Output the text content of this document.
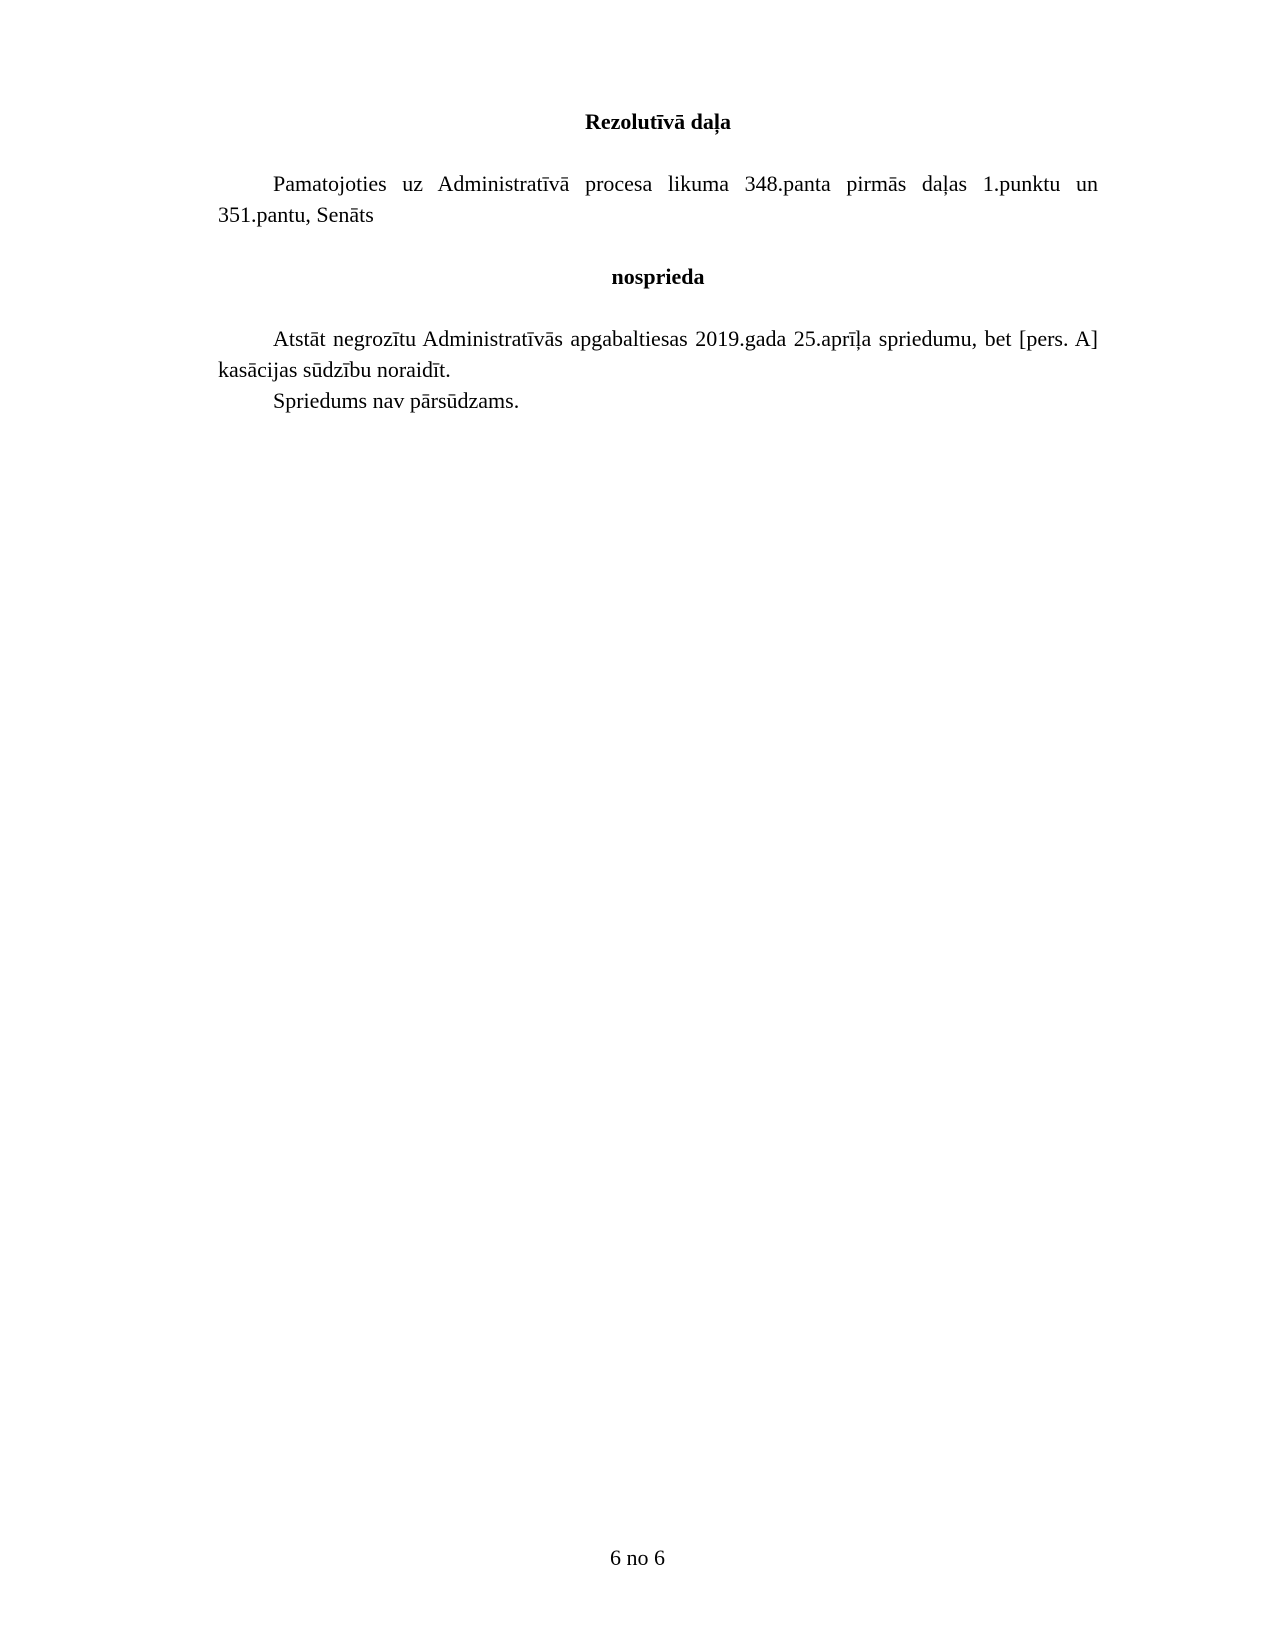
Rezolutīvā daļa

Pamatojoties uz Administratīvā procesa likuma 348.panta pirmās daļas 1.punktu un 351.pantu, Senāts

nosprieda

Atstāt negrozītu Administratīvās apgabaltiesas 2019.gada 25.aprīļa spriedumu, bet [pers. A] kasācijas sūdzību noraidīt.

Spriedums nav pārsūdzams.

6 no 6
